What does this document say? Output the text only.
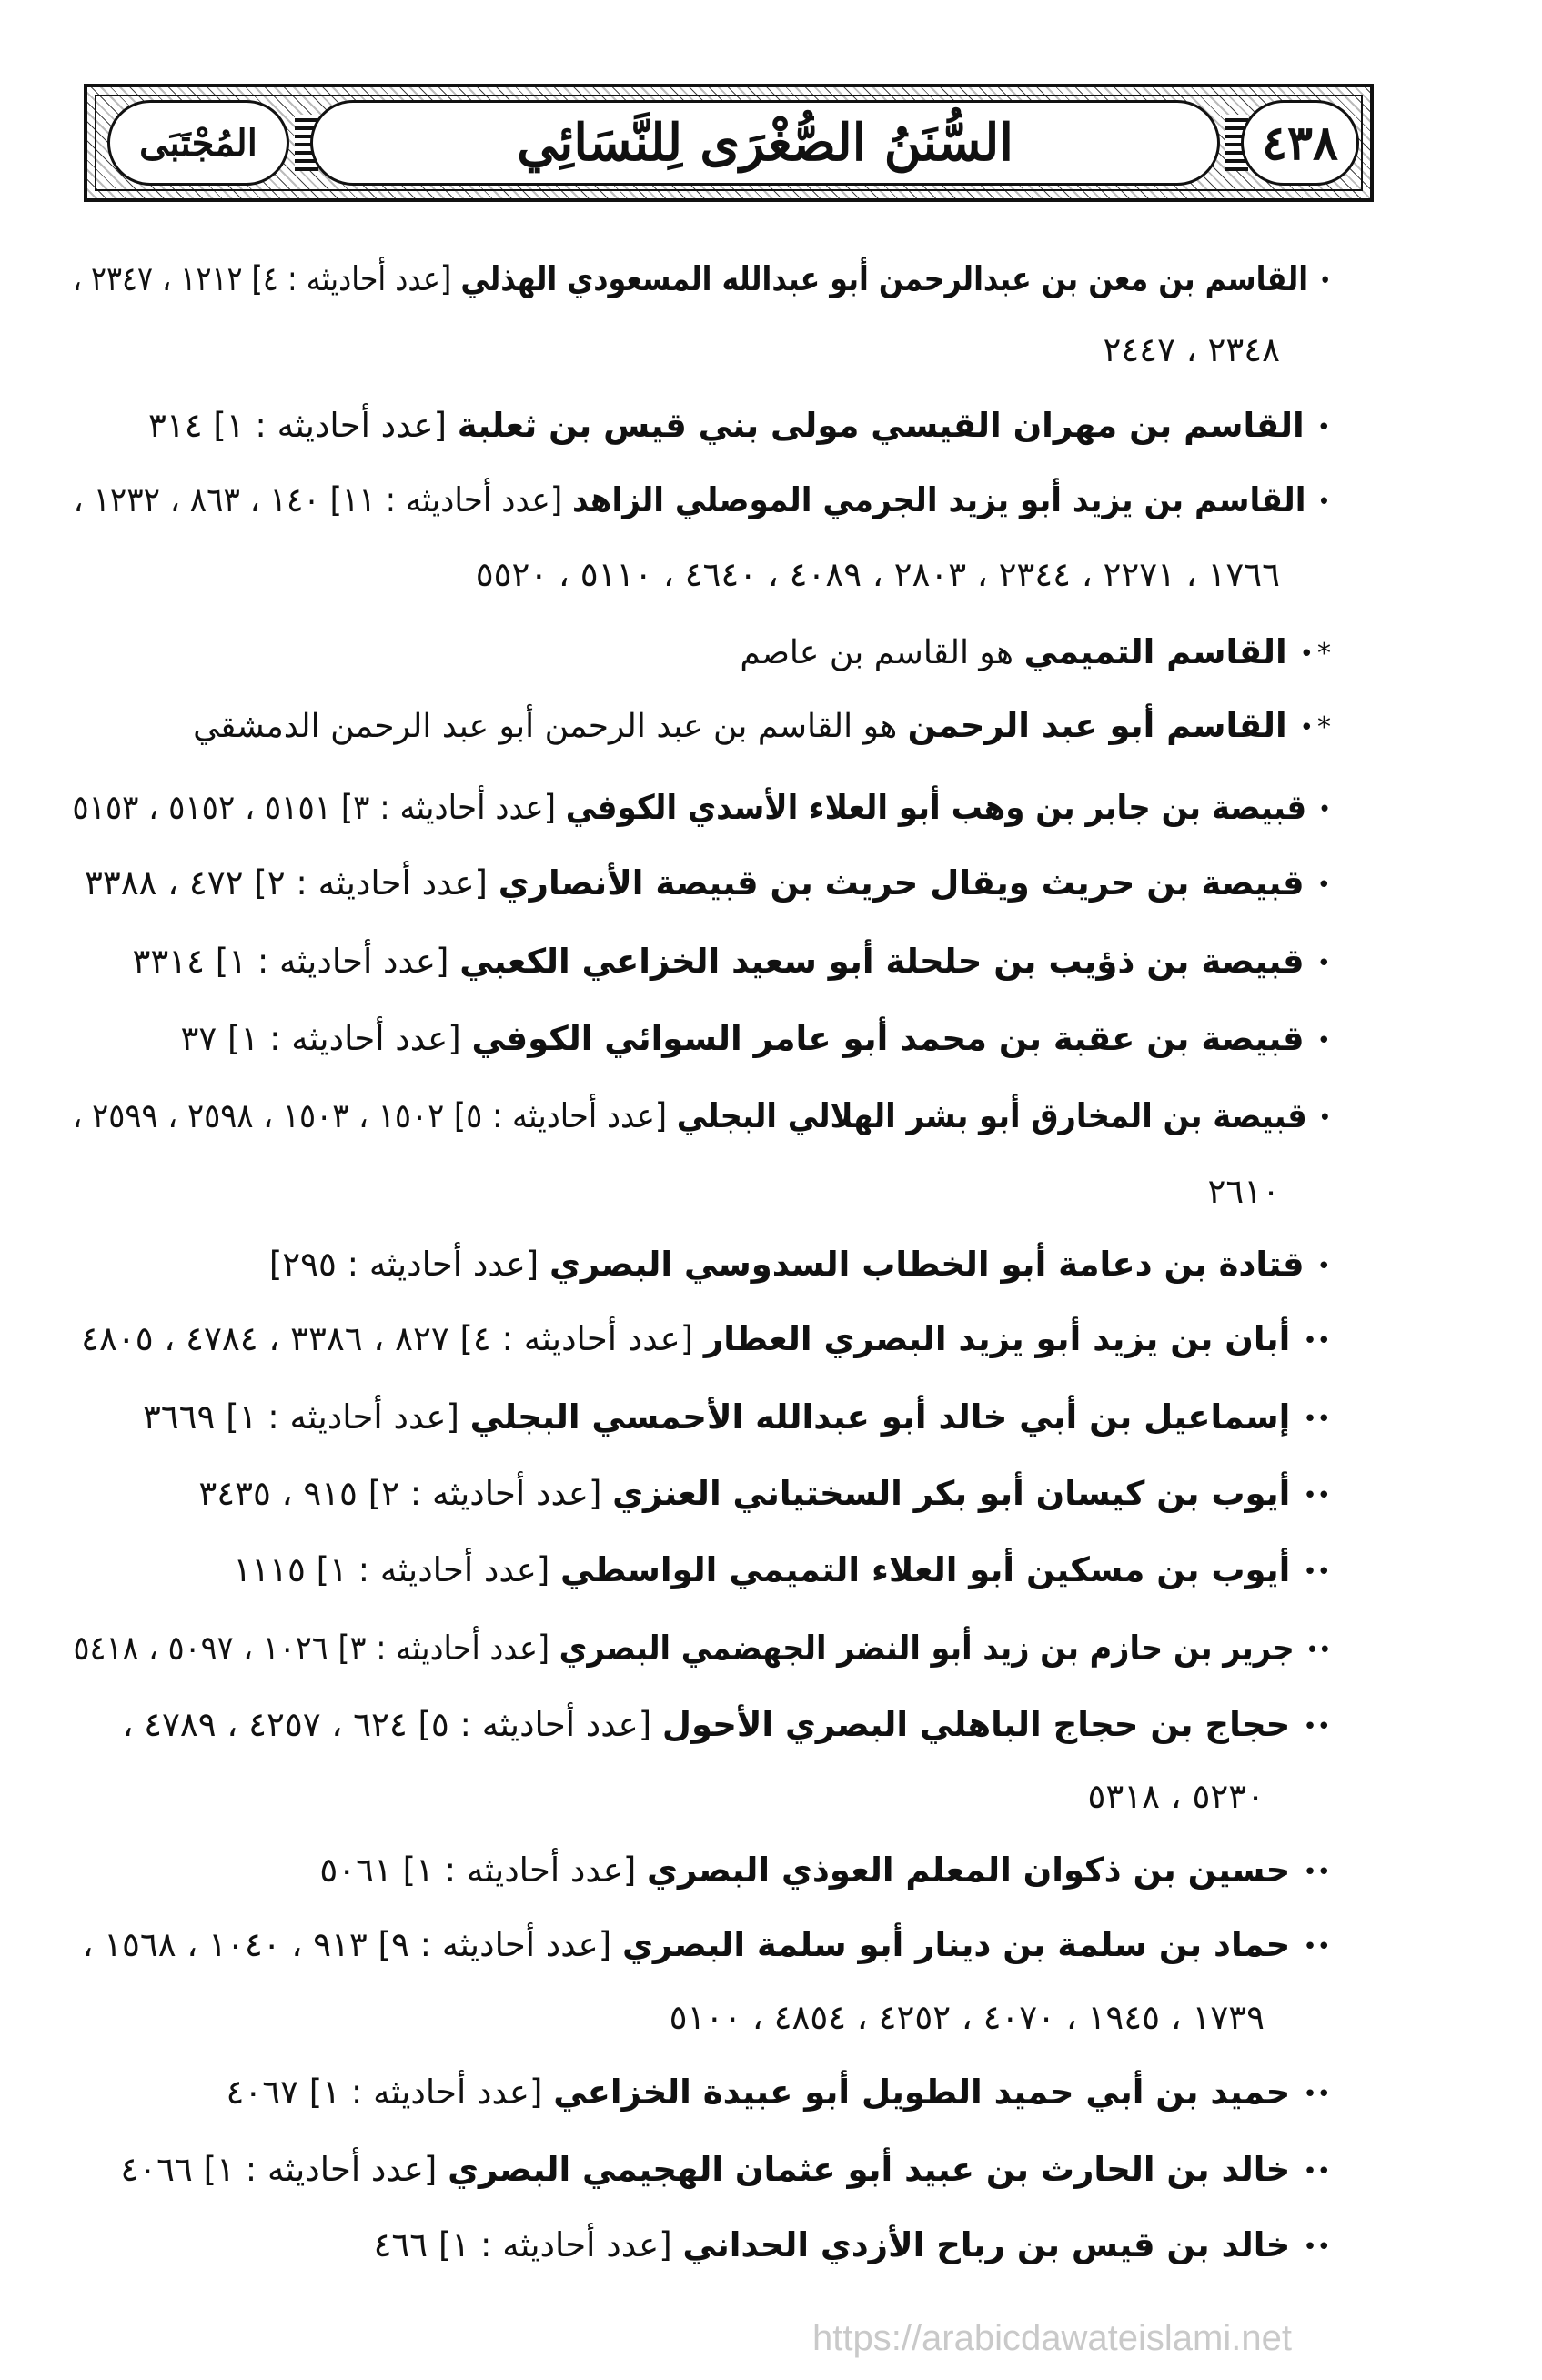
المُجْتَبَى	السُّنَنُ الصُّغْرَى لِلنَّسَائِي	٤٣٨
•القاسم بن معن بن عبدالرحمن أبو عبدالله المسعودي الهذلي [عدد أحاديثه : ٤] ١٢١٢ ، ٢٣٤٧ ،
٢٣٤٨ ، ٢٤٤٧
•القاسم بن مهران القيسي مولى بني قيس بن ثعلبة [عدد أحاديثه : ١] ٣١٤
•القاسم بن يزيد أبو يزيد الجرمي الموصلي الزاهد [عدد أحاديثه : ١١] ١٤٠ ، ٨٦٣ ، ١٢٣٢ ،
١٧٦٦ ، ٢٢٧١ ، ٢٣٤٤ ، ٢٨٠٣ ، ٤٠٨٩ ، ٤٦٤٠ ، ٥١١٠ ، ٥٥٢٠
*•القاسم التميمي هو القاسم بن عاصم
*•القاسم أبو عبد الرحمن هو القاسم بن عبد الرحمن أبو عبد الرحمن الدمشقي
•قبيصة بن جابر بن وهب أبو العلاء الأسدي الكوفي [عدد أحاديثه : ٣] ٥١٥١ ، ٥١٥٢ ، ٥١٥٣
•قبيصة بن حريث ويقال حريث بن قبيصة الأنصاري [عدد أحاديثه : ٢] ٤٧٢ ، ٣٣٨٨
•قبيصة بن ذؤيب بن حلحلة أبو سعيد الخزاعي الكعبي [عدد أحاديثه : ١] ٣٣١٤
•قبيصة بن عقبة بن محمد أبو عامر السوائي الكوفي [عدد أحاديثه : ١] ٣٧
•قبيصة بن المخارق أبو بشر الهلالي البجلي [عدد أحاديثه : ٥] ١٥٠٢ ، ١٥٠٣ ، ٢٥٩٨ ، ٢٥٩٩ ،
٢٦١٠
•قتادة بن دعامة أبو الخطاب السدوسي البصري [عدد أحاديثه : ٢٩٥]
••أبان بن يزيد أبو يزيد البصري العطار [عدد أحاديثه : ٤] ٨٢٧ ، ٣٣٨٦ ، ٤٧٨٤ ، ٤٨٠٥
••إسماعيل بن أبي خالد أبو عبدالله الأحمسي البجلي [عدد أحاديثه : ١] ٣٦٦٩
••أيوب بن كيسان أبو بكر السختياني العنزي [عدد أحاديثه : ٢] ٩١٥ ، ٣٤٣٥
••أيوب بن مسكين أبو العلاء التميمي الواسطي [عدد أحاديثه : ١] ١١١٥
••جرير بن حازم بن زيد أبو النضر الجهضمي البصري [عدد أحاديثه : ٣] ١٠٢٦ ، ٥٠٩٧ ، ٥٤١٨
••حجاج بن حجاج الباهلي البصري الأحول [عدد أحاديثه : ٥] ٦٢٤ ، ٤٢٥٧ ، ٤٧٨٩ ،
٥٢٣٠ ، ٥٣١٨
••حسين بن ذكوان المعلم العوذي البصري [عدد أحاديثه : ١] ٥٠٦١
••حماد بن سلمة بن دينار أبو سلمة البصري [عدد أحاديثه : ٩] ٩١٣ ، ١٠٤٠ ، ١٥٦٨ ،
١٧٣٩ ، ١٩٤٥ ، ٤٠٧٠ ، ٤٢٥٢ ، ٤٨٥٤ ، ٥١٠٠
••حميد بن أبي حميد الطويل أبو عبيدة الخزاعي [عدد أحاديثه : ١] ٤٠٦٧
••خالد بن الحارث بن عبيد أبو عثمان الهجيمي البصري [عدد أحاديثه : ١] ٤٠٦٦
••خالد بن قيس بن رباح الأزدي الحداني [عدد أحاديثه : ١] ٤٦٦
https://arabicdawateislami.net
